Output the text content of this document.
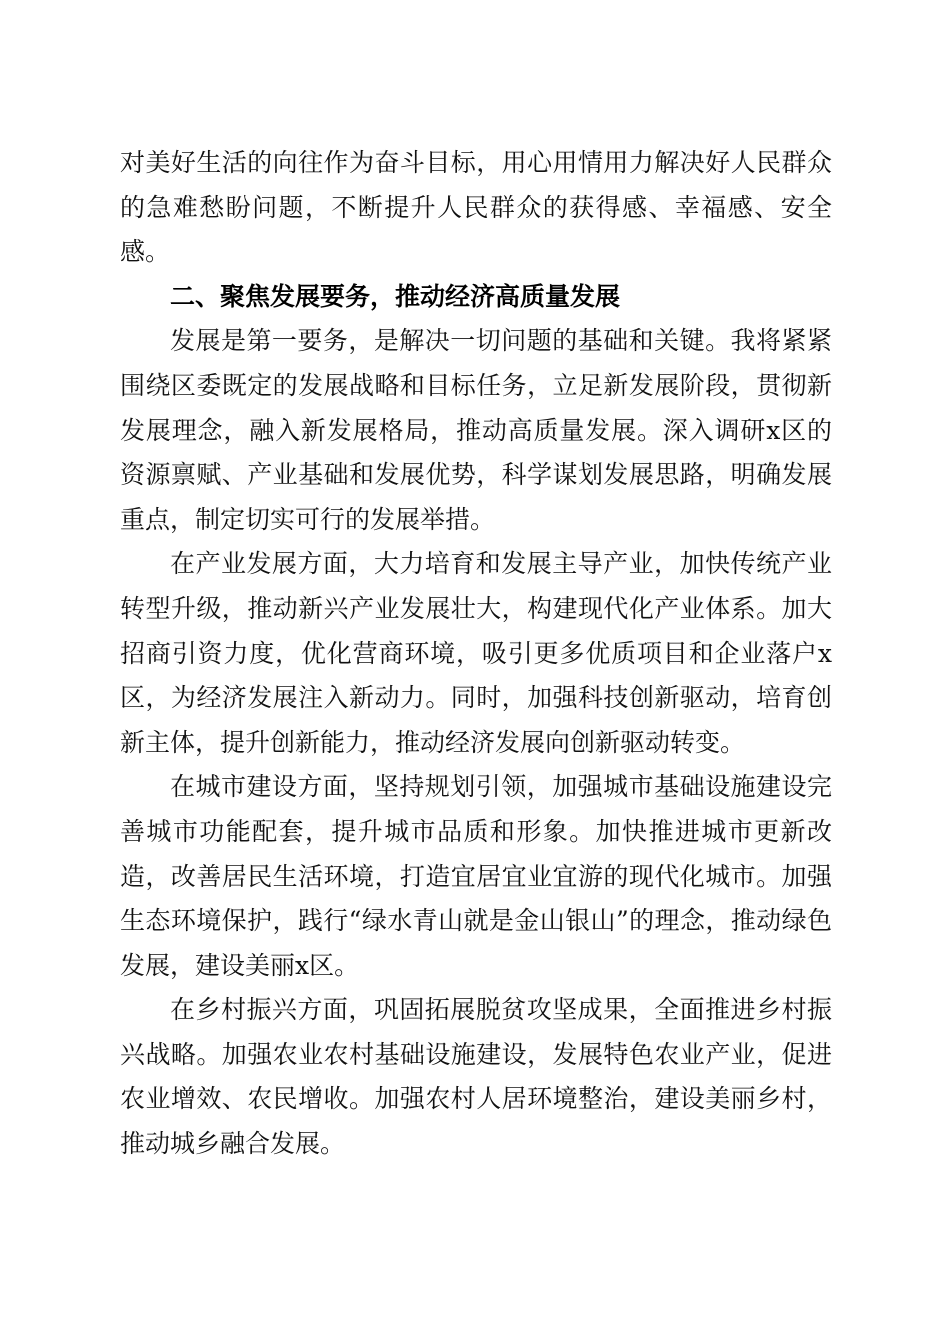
对美好生活的向往作为奋斗目标，用心用情用力解决好人民群众的急难愁盼问题，不断提升人民群众的获得感、幸福感、安全感。

二、聚焦发展要务，推动经济高质量发展

发展是第一要务，是解决一切问题的基础和关键。我将紧紧围绕区委既定的发展战略和目标任务，立足新发展阶段，贯彻新发展理念，融入新发展格局，推动高质量发展。深入调研x区的资源禀赋、产业基础和发展优势，科学谋划发展思路，明确发展重点，制定切实可行的发展举措。

在产业发展方面，大力培育和发展主导产业，加快传统产业转型升级，推动新兴产业发展壮大，构建现代化产业体系。加大招商引资力度，优化营商环境，吸引更多优质项目和企业落户x区，为经济发展注入新动力。同时，加强科技创新驱动，培育创新主体，提升创新能力，推动经济发展向创新驱动转变。

在城市建设方面，坚持规划引领，加强城市基础设施建设完善城市功能配套，提升城市品质和形象。加快推进城市更新改造，改善居民生活环境，打造宜居宜业宜游的现代化城市。加强生态环境保护，践行“绿水青山就是金山银山”的理念，推动绿色发展，建设美丽x区。

在乡村振兴方面，巩固拓展脱贫攻坚成果，全面推进乡村振兴战略。加强农业农村基础设施建设，发展特色农业产业，促进农业增效、农民增收。加强农村人居环境整治，建设美丽乡村，推动城乡融合发展。
